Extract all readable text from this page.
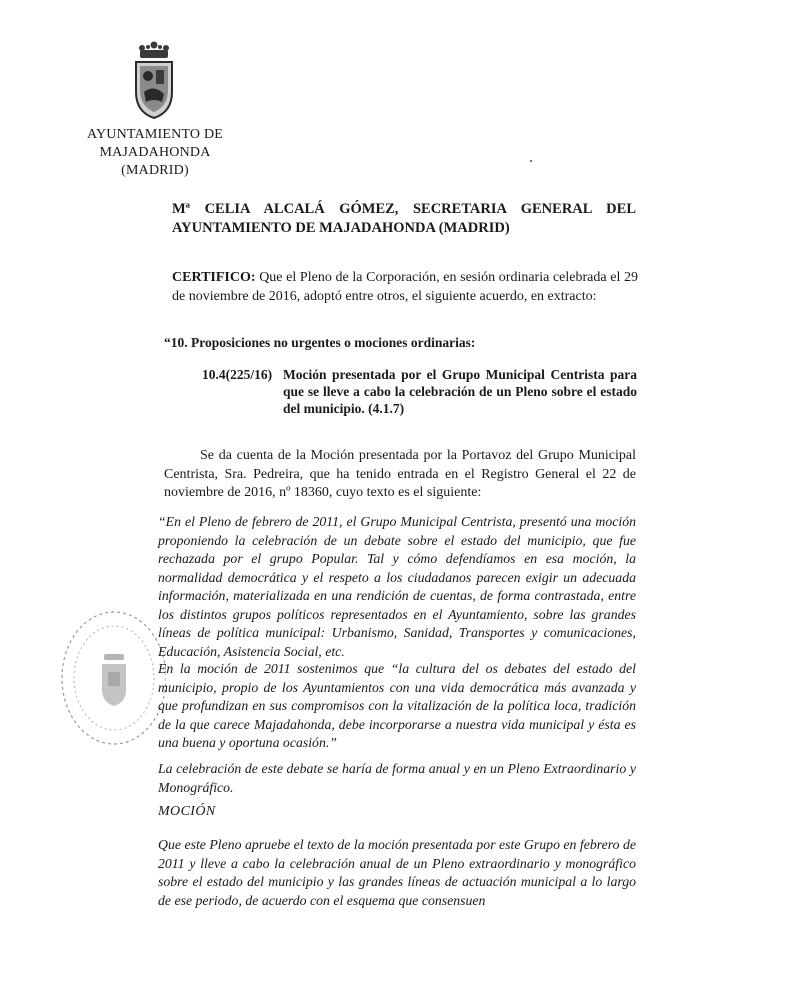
AYUNTAMIENTO DE
MAJADAHONDA
(MADRID)
Mª CELIA ALCALÁ GÓMEZ, SECRETARIA GENERAL DEL
AYUNTAMIENTO DE MAJADAHONDA (MADRID)
CERTIFICO: Que el Pleno de la Corporación, en sesión ordinaria celebrada el 29 de noviembre de 2016, adoptó entre otros, el siguiente acuerdo, en extracto:
“10. Proposiciones no urgentes o mociones ordinarias:
10.4(225/16) Moción presentada por el Grupo Municipal Centrista para que se lleve a cabo la celebración de un Pleno sobre el estado del municipio. (4.1.7)
Se da cuenta de la Moción presentada por la Portavoz del Grupo Municipal Centrista, Sra. Pedreira, que ha tenido entrada en el Registro General el 22 de noviembre de 2016, nº 18360, cuyo texto es el siguiente:
“En el Pleno de febrero de 2011, el Grupo Municipal Centrista, presentó una moción proponiendo la celebración de un debate sobre el estado del municipio, que fue rechazada por el grupo Popular. Tal y cómo defendíamos en esa moción, la normalidad democrática y el respeto a los ciudadanos parecen exigir un adecuada información, materializada en una rendición de cuentas, de forma contrastada, entre los distintos grupos políticos representados en el Ayuntamiento, sobre las grandes líneas de política municipal: Urbanismo, Sanidad, Transportes y comunicaciones, Educación, Asistencia Social, etc.
En la moción de 2011 sostenimos que “la cultura del os debates del estado del municipio, propio de los Ayuntamientos con una vida democrática más avanzada y que profundizan en sus compromisos con la vitalización de la política loca, tradición de la que carece Majadahonda, debe incorporarse a nuestra vida municipal y ésta es una buena y oportuna ocasión.”
La celebración de este debate se haría de forma anual y en un Pleno Extraordinario y Monográfico.
MOCIÓN
Que este Pleno apruebe el texto de la moción presentada por este Grupo en febrero de 2011 y lleve a cabo la celebración anual de un Pleno extraordinario y monográfico sobre el estado del municipio y las grandes líneas de actuación municipal a lo largo de ese periodo, de acuerdo con el esquema que consensuen
